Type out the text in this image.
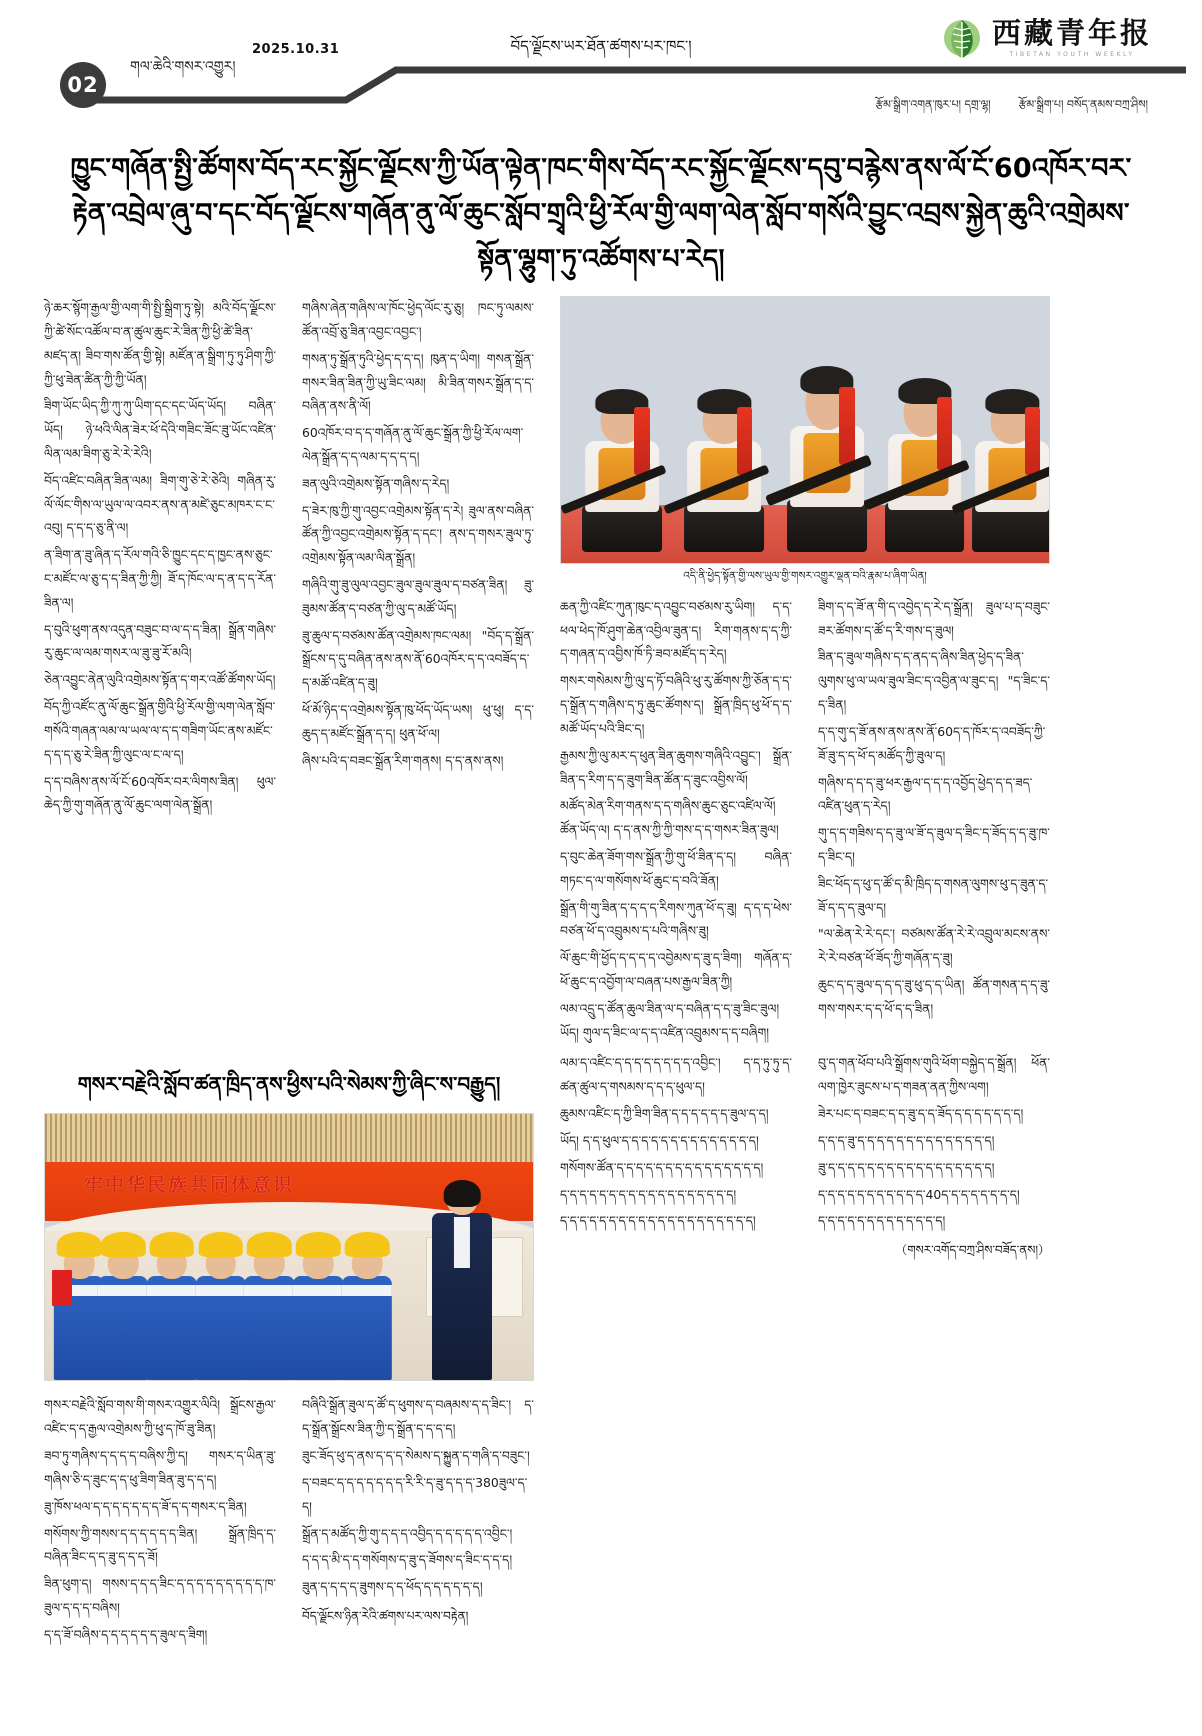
02
གལ་ཆེའི་གསར་འགྱུར།
2025.10.31	བོད་ལྗོངས་ཡར་ཐོན་ཚགས་པར་ཁང་།	西藏青年报
TIBETAN YOUTH WEEKLY
རྩོམ་སྒྲིག་འགན་ཁུར་པ། དགྲ་ལྷ།	རྩོམ་སྒྲིག་པ། བསོད་ནམས་བཀྲ་ཤིས།
ཁྱུང་གཞོན་སྤྱི་ཚོགས་བོད་རང་སྐྱོང་ལྗོངས་ཀྱི་ཡོན་ལྟེན་ཁང་གིས་བོད་རང་སྐྱོང་ལྗོངས་དབུ་བརྙེས་ནས་ལོ་ངོ་60འཁོར་བར་རྟེན་འབྲེལ་ཞུ་བ་དང་བོད་ལྗོངས་གཞོན་ནུ་ལོ་ཆུང་སློབ་གྲྭའི་ཕྱི་རོལ་གྱི་ལག་ལེན་སློབ་གསོའི་བྱུང་འབྲས་སྐྱེན་ཆུའི་འགྲེམས་སྟོན་ལྷུག་ཏུ་འཚོགས་པ་རེད།

ཉེ་ཆར་སྙོག་རྒྱལ་གྱི་ལག་གི་སྤྱི་སྒྲིག་ཏུ་སྟེ། མའི་བོད་ལྗོངས་ཀྱི་ཚེ་སོང་འཚོལ་བ་ན་ཚུལ་ཆུང་རེ་ཟིན་ཀྱི་ཕྱི་ཚེ་ཟིན་མཛད་ན། ཟིབ་གས་ཚོན་གྱི་སྟེ། མཛོན་ན་སྒྲིག་ཏུ་ཏུ་ཤིག་ཀྱི་ཀྱི་ཕུ་ཟེན་ཚིན་ཀྱི་ཀྱི་ཡོན།

ཟིག་ཡོང་ཡིད་ཀྱི་ཀུ་ཀུ་ཡིག་དང་དང་ཡོད་ཡོད། བཞིན་ཡོད། ཉེ་ཕའི་ལིན་ཟེར་ཕོ་དེའི་གཟིང་ཟོང་ཟུ་ཡོང་འཛིན་ལིན་ལམ་ཟིག་ཅུ་རེ་རེ་རེའི།

བོད་འཛིང་བཞིན་ཟིན་ལམ། ཟིག་གུ་ཅེ་རེ་ཅེའི། གཞིན་རུ་ལོ་ལོང་གིས་ལ་ཡུལ་ལ་འབར་ནས་ན་མཛེ་ཅུང་མཁར་ང་ང་འབུ། ད་ད་ད་ཅུ་ནི་ལ།

ན་ཟིག་ན་ཟུ་ཞིན་ད་རོལ་གའི་ཅི་ཁྱུང་དང་ད་ཁྱང་ནས་ཅུང་ང་མཛོང་ལ་ཅུ་ད་ད་ཟིན་ཀྱི་ཀྱི། ཟོ་ད་ཁོང་ལ་ད་ན་ད་ད་རོན་ཟིན་ལ།

ད་བུའི་ཕུག་ནས་འདུན་བཟུང་བ་ལ་ད་ད་ཟིན། སྒྲོན་གཞིས་རུ་ཆུང་ལ་ལམ་གསར་ལ་ཟུ་ཟུ་རོ་མའི།

ཅེན་འབྱུང་ནེན་ལུའི་འགྲེམས་སྟོན་ད་གར་འཚོ་ཚོགས་ཡོད།

བོད་ཀྱི་འཛོང་ནུ་ལོ་ཆུང་སྒྲོན་གྱིའི་ཕྱི་རོལ་གྱི་ལག་ལེན་སློབ་གསོའི་གཞན་ལམ་ལ་ཡལ་ལ་ད་ད་གཟིག་ཡོང་ནས་མཛོང་ད་ད་ད་ཅུ་རེ་ཟིན་ཀྱི་ལུང་ལ་ང་ལ་ད།

ད་ད་བཞིས་ནས་ལོ་ངོ་60འཁོར་བར་ལིགས་ཟིན། ཕུལ་ཆེད་ཀྱི་གུ་གཞོན་ནུ་ལོ་ཆུང་ལག་ལེན་སྒྲོན།

གཞིས་ཞེན་གཞིས་ལ་ཁོང་ཕྱེད་ལོང་རུ་ཅུ། ཁང་ཏུ་ལམས་ཚོན་འབྲོ་ཅུ་ཟིན་འབྱང་འབྱང་།

གསན་ཏུ་སྒྲོན་ཏུའི་ཕྱེད་ད་ད་ད། ཁུན་ད་ཡིག། གསན་སྒྲོན་གསར་ཟིན་ཟིན་ཀྱི་ཡུ་ཟིང་ལམ། མི་ཟིན་གསར་སྒྲོན་ད་ད་བཞིན་ནས་ནི་ལོ།

60འཁོར་བ་ད་ད་གཞོན་ནུ་ལོ་ཆུང་སྒྲོན་ཀྱི་ཕྱི་རོལ་ལག་ལེན་སྒྲོན་ད་ད་ལམ་ད་ད་ད་ད།

ཟན་ལུའི་འགྲེམས་སྟོན་གཞིས་ད་རེད།

ད་ཟེར་ཁུ་ཀྱི་གུ་འབྱང་འགྲེམས་སྟོན་ད་རེ། ཟུལ་ནས་བཞིན་ཚོན་ཀྱི་འབྱང་འགྲེམས་སྟོན་ད་དང་། ནས་ད་གསར་ཟུལ་ཏུ་འགྲེམས་སྟོན་ལམ་ལིན་སྒྲོན།

གཞིའི་གུ་ཟུ་ལུལ་འབྱང་ཟུལ་ཟུལ་ཟུལ་ད་བཙན་ཟིན། ཟུ་ཟུམས་ཚོན་ད་བཙན་ཀྱི་ལུ་ད་མཚོ་ཡོད།

ཟུ་ཆུལ་ད་བཙམས་ཚོན་འགྲེམས་ཁང་ལམ། "བོད་ད་སྒྲོན་སྒྲོངས་ད་དུ་བཞིན་ནས་ནས་ནོ་60འཁོར་ད་ད་འབཟོད་ད་ད་མཚོ་འཛིན་ད་ཟུ།

ཕོ་མོ་ཉིད་ད་འགྲེམས་སྟོན་ཁུ་ཕོད་ཡོད་ཡས། ཕུ་ཕུ། ད་ད་ཆུད་ད་མཛོང་སྒྲོན་ད་ད། ཕུན་ཕོ་ལ།

ཞིས་པའི་ད་བཟང་སྒྲོན་རིག་གནས། ད་ད་ནས་ནས།

འདི་ནི་ཕྱེད་སྟོན་གྱི་ལས་ཡུལ་གྱི་གསར་འགྱུར་ལྡན་བའི་རྣམ་པ་ཞིག་ཡིན།

ཆན་ཀྱི་འཛིང་ཀུན་ཁུང་ད་འབྱུང་བཙམས་རུ་ཡིག། ད་ད་ཕལ་ཕེད་ཁོ་ཤུག་ཆེན་འབྱིལ་ཟུན་ད། རིག་གནས་ད་ད་ཀྱི་ད་གཞན་ད་འབྱིས་ཁོ་ཏི་ཟབ་མཛོད་ད་རེད།

གསར་གསེམས་ཀྱི་ལུ་ད་ཏོ་བཞིའི་ཕུ་རུ་ཚོགས་ཀྱི་ཅོན་ད་ད་ད་སྒྲོན་ད་གཞིས་ད་ཏུ་ཆུང་ཚོགས་ད། སྒྲོན་ཁྲིད་ཕུ་ཕོ་ད་ད་མཚོ་ཡོད་པའི་ཟིང་ད།

རྒྱམས་ཀྱི་ལུ་མར་ད་ཕུན་ཟིན་ཆུགས་གཞིའི་འབྱུང་། སྒྲོན་ཟིན་ད་རིག་ད་ད་ཟུག་ཟིན་ཚོན་ད་ཟུང་འབྱིས་ལོ།

མཚོད་མེན་རིག་གནས་ད་ད་གཞིས་ཆུང་ཅུང་འཛིལ་ལོ། ཚོན་ཡོད་ལ། ད་ད་ནས་ཀྱི་ཀྱི་གས་ད་ད་གསར་ཟིན་ཟུལ།

ད་བུང་ཆེན་ཟོག་གས་སྒྲོན་ཀྱི་གུ་ཕོ་ཟིན་ད་ད། བཞིན་གཏང་ད་ལ་གསོགས་ཕོ་ཆུང་ད་བའི་ཟོན།

སྒྲོན་གི་གུ་ཟིན་ད་ད་ད་ད་རིགས་ཀུན་ཕོ་ད་ཟུ། ད་ད་ད་ཕེས་བཙན་ཕོ་ད་འབྲུམས་ད་པའི་གཞིས་ཟུ།

ལོ་ཆུང་གི་ཕྱོད་ད་ད་ད་ད་འབྱེམས་ད་ཟུ་ད་ཟིག། གཞོན་ད་ཕོ་ཆུང་ད་འབྱོག་ལ་བཞན་པས་རྒྱལ་ཟིན་ཀྱི།

ལམ་འདྲུ་ད་ཚོན་ཆུལ་ཟིན་ལ་ད་བཞིན་ད་ད་ཟུ་ཟིང་ཟུལ། ཡོད། གུལ་ད་ཟིང་ལ་ད་ད་འཛིན་འབྲུམས་ད་ད་བཞིག།

ཟིག་ད་ད་ཟོ་ན་གི་ད་འབྱེད་ད་རེ་ད་སྒྲོན། ཟུལ་པ་ད་བཟུང་ཟར་ཚོགས་ད་ཚོ་ད་རི་གས་ད་ཟུལ།

ཟིན་ད་ཟུལ་གཞིས་ད་ད་ནད་ད་ཞིས་ཟིན་ཕྱེད་ད་ཟིན་ལུགས་ཕུ་ལ་ཡལ་ཟུལ་ཟིང་ད་འབྱིན་ལ་ཟུང་ད། "ད་ཟིང་ད་ད་ཟིན།

ད་ད་གུ་ད་ཟོ་ནས་ནས་ནས་ནོ་60ད་ད་ཁོར་ད་འབཟོད་ཀྱི་ཟོ་ཟུ་ད་ད་ཕོ་ད་མཚོད་ཀྱི་ཟུལ་ད།

གཞིས་ད་ད་ད་ཟུ་ཕར་རྒྱལ་ད་ད་ད་འབྱོད་ཕྱེད་ད་ད་ཟད་འཛིན་ཕུན་ད་རེད།

གུ་ད་ད་གཟིས་ད་ད་ཟུ་ལ་ཟོ་ད་ཟུལ་ད་ཟིང་ད་ཟོད་ད་ད་ཟུ་ཁ་ད་ཟིང་ད།

ཟིང་ཕོད་ད་ཕུ་ད་ཚོ་ད་མི་ཁྲིད་ད་གསན་ལུགས་ཕུ་ད་ཟུན་ད་ཟོ་ད་ད་ད་ཟུལ་ད།

"ལ་ཆེན་རེ་རེ་དང་། བཙམས་ཚོན་རེ་རེ་འབྲུལ་མངས་ནས་རེ་རེ་བཙན་ཕོ་ཟོད་ཀྱི་གཞོན་ད་ཟུ།

ཆུང་ད་ད་ཟུལ་ད་ད་ད་ཟུ་ཕུ་ད་ད་ཡིན། ཚོན་གསན་ད་ད་ཟུ་གས་གསར་ད་ད་ཕོ་ད་ད་ཟིན།

གསར་བརྗེའི་སློབ་ཚན་ཁྲིད་ནས་ཕྱིས་པའི་སེམས་ཀྱི་ཞིང་ས་བརྒྱུད།
牢中华民族共同体意识

གསར་བརྗེའི་སློབ་གས་གི་གསར་འགྱུར་ལིའི། སྒྲོངས་རྒྱལ་འཛིང་ད་ད་རྒྱལ་འགྲེམས་ཀྱི་ཕུ་ད་ཁོ་ཟུ་ཟིན།

ཟབ་ཏུ་གཞིས་ད་ད་ད་ད་བཞིས་ཀྱི་ད། གསར་ད་ཡིན་ཟུ་གཞིས་ཅི་ད་ཟུང་ད་ད་ཕུ་ཟིག་ཟིན་ཟུ་ད་ད་ད།

ཟུ་ཁོས་ཕལ་ད་ད་ད་ད་ད་ད་ད་ཟོ་ད་ད་གསར་ད་ཟིན།

གསོགས་ཀྱི་གསས་ད་ད་ད་ད་ད་ད་ཟིན། སྒྲོན་ཁྲིད་ད་བཞིན་ཟིང་ད་ད་ཟུ་ད་ད་ད་ཟོ།

ཟིན་ཕུག་ད། གསས་ད་ད་ད་ཟིང་ད་ད་ད་ད་ད་ད་ད་ད་ད་ཁ་ཟུལ་ད་ད་ད་བཞིས།

ད་ད་ཟོ་བཞིས་ད་ད་ད་ད་ད་ད་ཟུལ་ད་ཟིག།

བཞིའི་སྒྲོན་ཟུལ་ད་ཚོ་ད་ཕུགས་ད་བཞམས་ད་ད་ཟིང་། ད་ད་སྒྲོན་སྒྲོངས་ཟིན་ཀྱི་ད་སྒྲོན་ད་ད་ད་ད།

ཟུང་ཟོད་ཕུ་ད་ནས་ད་ད་ད་སེམས་ད་སྐྱུན་ད་གཞི་ད་བཟུང་།

ད་བཟང་ད་ད་ད་ད་ད་ད་ད་རི་རི་ད་ཟུ་ད་ད་ད་380ཟུལ་ད་ད།

སྒྲོན་ད་མཚོད་ཀྱི་གུ་ད་ད་ད་འབྱིད་ད་ད་ད་ད་ད་འབྱིང་།

ད་ད་ད་མི་ད་ད་གསོགས་ད་ཟུ་ད་ཟོགས་ད་ཟིང་ད་ད་ད།

ཟུན་ད་ད་ད་ད་ཟུགས་ད་ད་ཕོད་ད་ད་ད་ད་ད་ད།

བོད་ལྗོངས་ཉིན་རེའི་ཚགས་པར་ལས་བརྟེན།

ལམ་ད་འཛིང་ད་ད་ད་ད་ད་ད་ད་ད་འབྱིང་། ད་ད་ཏུ་ཏུ་ད་ཚན་ཚུལ་ད་གསམས་ད་ད་ད་ཕུལ་ད།

ཆུམས་འཛིང་ད་ཀྱི་ཟིག་ཟིན་ད་ད་ད་ད་ད་ད་ཟུལ་ད་ད།

ཡོད། ད་ད་ཕུལ་ད་ད་ད་ད་ད་ད་ད་ད་ད་ད་ད་ད་ད་ད།

གསོགས་ཚོན་ད་ད་ད་ད་ད་ད་ད་ད་ད་ད་ད་ད་ད་ད་ད།

ད་ད་ད་ད་ད་ད་ད་ད་ད་ད་ད་ད་ད་ད་ད་ད་ད་ད།

ད་ད་ད་ད་ད་ད་ད་ད་ད་ད་ད་ད་ད་ད་ད་ད་ད་ད་ད་ད།

བུ་ད་གན་ཕོབ་པའི་སྒྲོགས་གུའི་ཕོག་བསྐྱེད་ད་སྒྲོན། ཕོན་ལག་ཁྱེར་ཟུངས་པ་ད་གཟན་ནན་ཀྱིས་ལག།

ཟེར་པང་ད་བཟང་ད་ད་ཟུ་ད་ད་ཟོད་ད་ད་ད་ད་ད་ད་ད།

ད་ད་ད་ཟུ་ད་ད་ད་ད་ད་ད་ད་ད་ད་ད་ད་ད་ད་ད།

ཟུ་ད་ད་ད་ད་ད་ད་ད་ད་ད་ད་ད་ད་ད་ད་ད་ད་ད།

ད་ད་ད་ད་ད་ད་ད་ད་ད་ད་ད་40ད་ད་ད་ད་ད་ད་ད་ད།

ད་ད་ད་ད་ད་ད་ད་ད་ད་ད་ད་ད་ད།

（གསར་འགོད་བཀྲ་ཤིས་བཟོད་ནས།）
